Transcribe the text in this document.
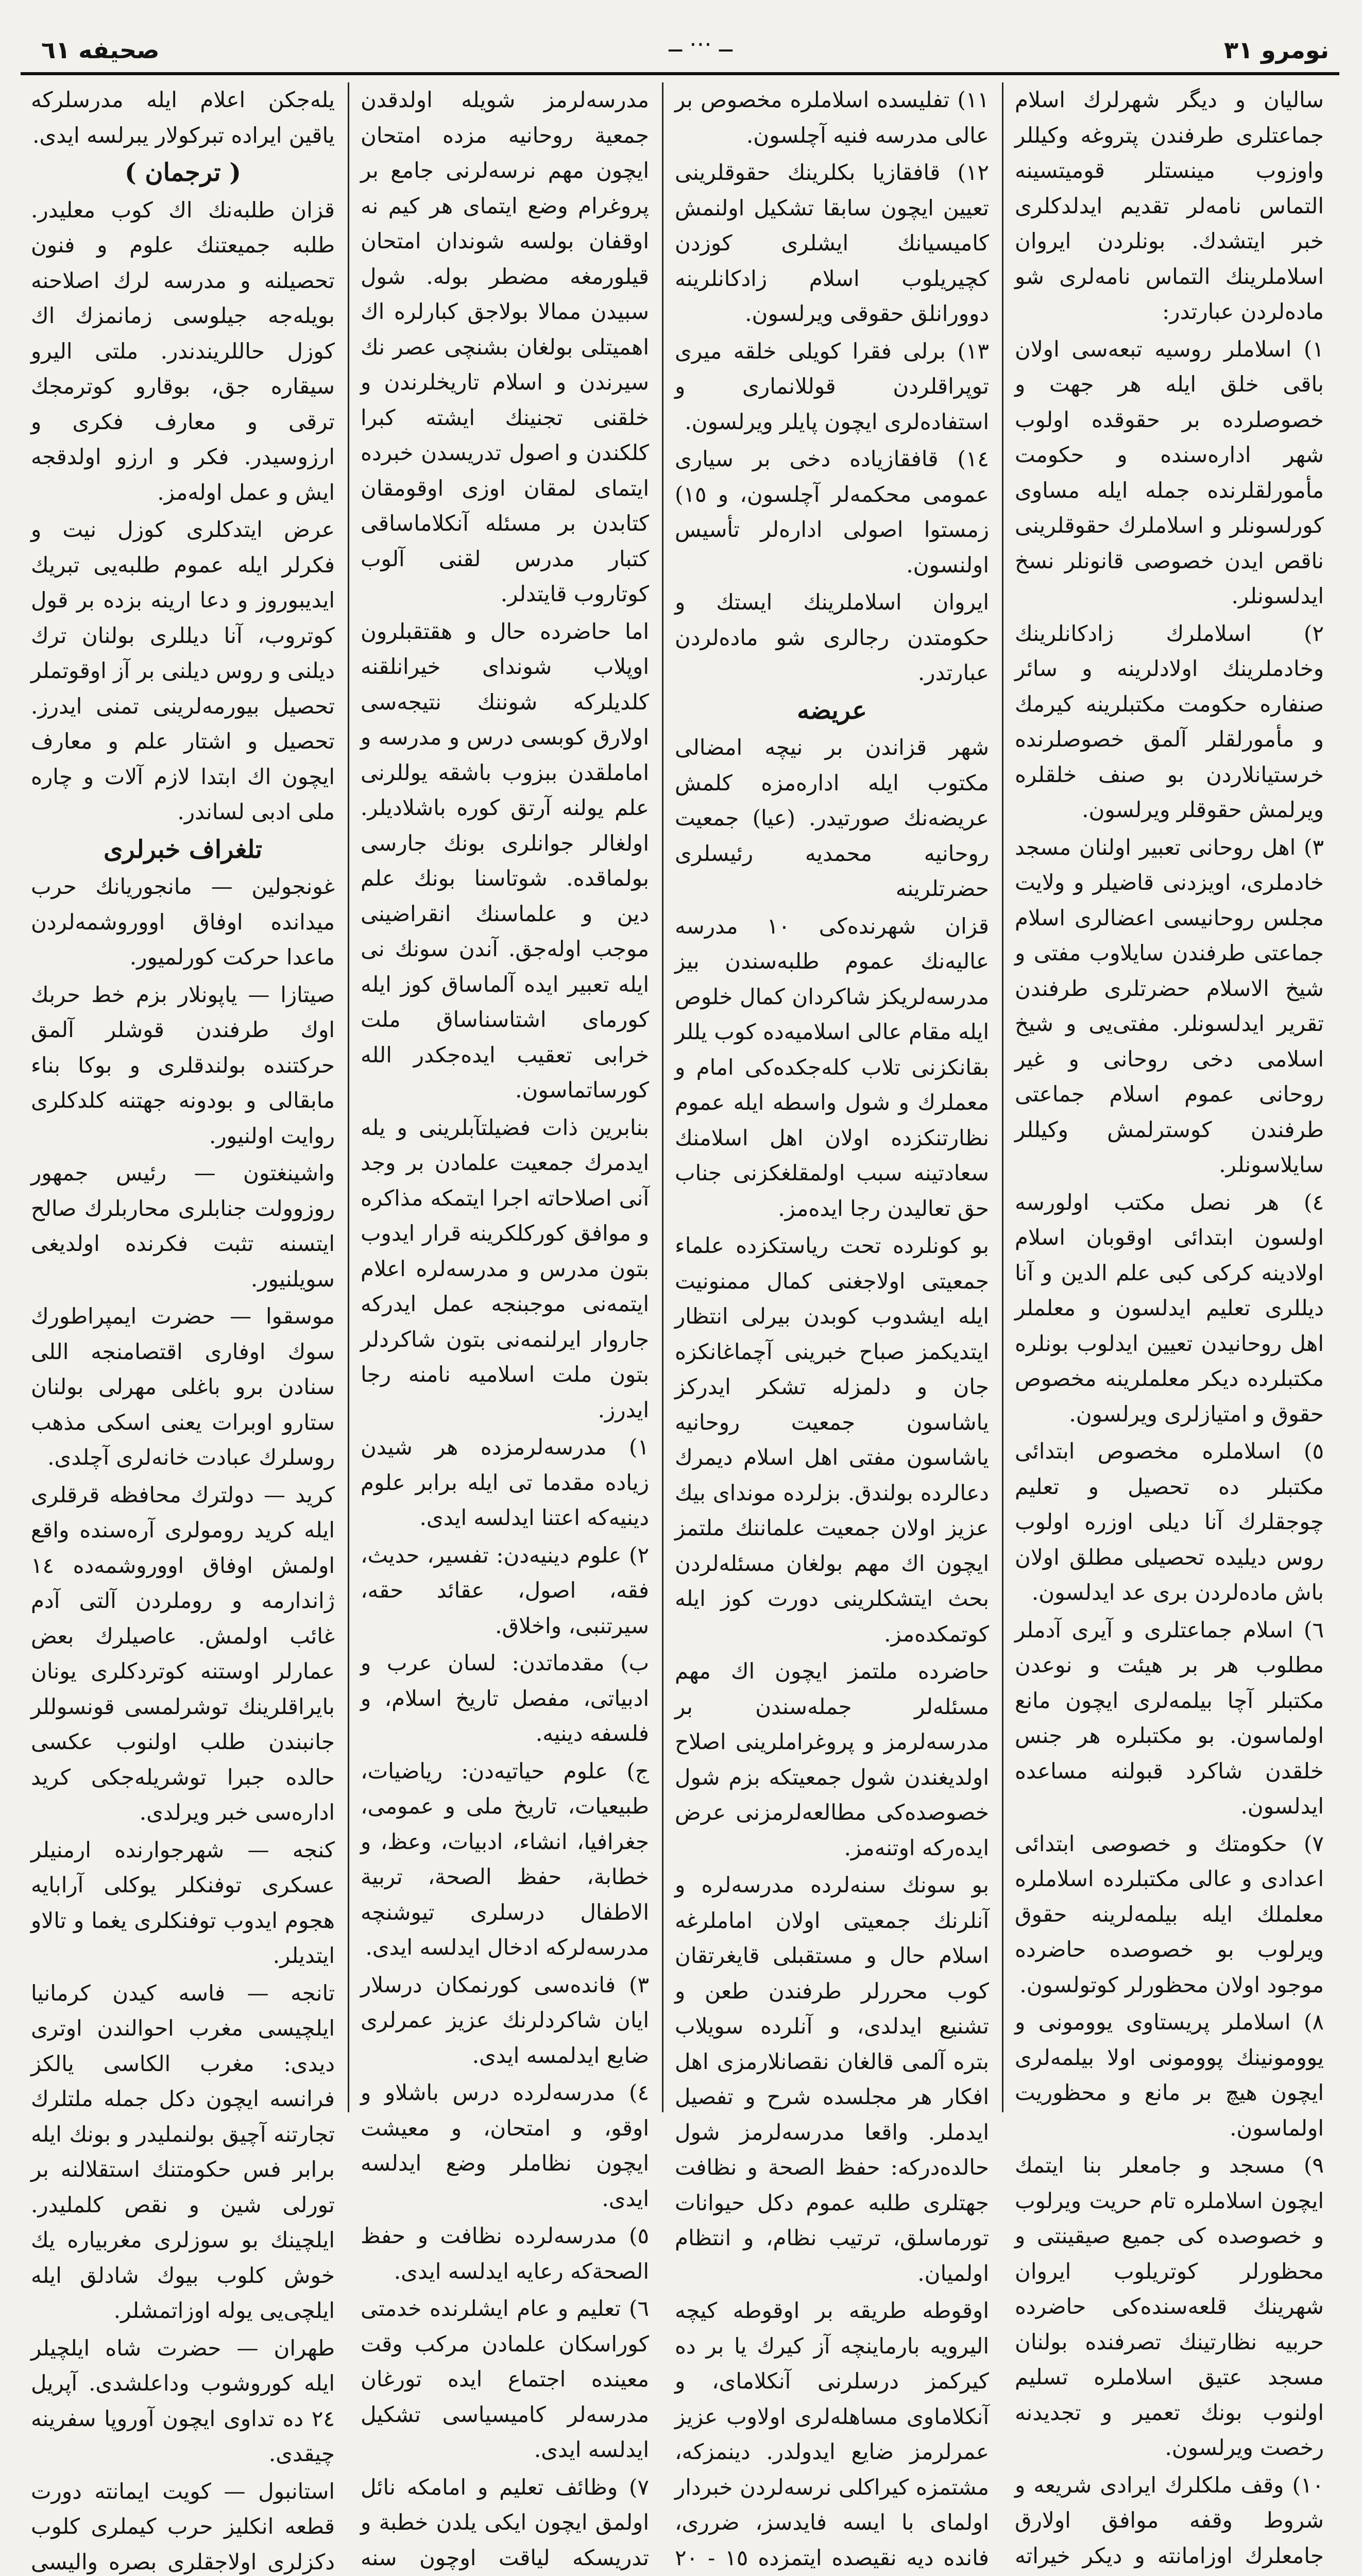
صحیفه ٦١	ــ ⋯ ــ	نومرو ٣١

سالیان و دیگر شهرلرك اسلام جماعتلری طرفندن پتروغه وکیللر واوزوب مینستلر قومیتسینه التماس نامه‌لر تقدیم ایدلدکلری خبر ایتشدك. بونلردن ایروان اسلاملرینك التماس نامه‌لری شو ماده‌لردن عبارتدر:

١) اسلاملر روسیه تبعه‌سی اولان باقی خلق ایله هر جهت و خصوصلرده بر حقوقده اولوب شهر اداره‌سنده و حکومت مأمورلقلرنده جمله ایله مساوی کورلسونلر و اسلاملرك حقوقلرینی ناقص ایدن خصوصی قانونلر نسخ ایدلسونلر.

٢) اسلاملرك زادکانلرینك وخادملرینك اولادلرینه و سائر صنفاره حکومت مکتبلرینه کیرمك و مأمورلقلر آلمق خصوصلرنده خرستیانلاردن بو صنف خلقلره ویرلمش حقوقلر ویرلسون.

٣) اهل روحانی تعبیر اولنان مسجد خادملری، اویزدنی قاضیلر و ولایت مجلس روحانیسی اعضالری اسلام جماعتی طرفندن سایلاوب مفتی و شیخ الاسلام حضرتلری طرفندن تقریر ایدلسونلر. مفتی‌یی و شیخ اسلامی دخی روحانی و غیر روحانی عموم اسلام جماعتی طرفندن کوسترلمش وکیللر سایلاسونلر.

٤) هر نصل مکتب اولورسه اولسون ابتدائی اوقوبان اسلام اولادینه کرکی کبی علم الدین و آنا دیللری تعلیم ایدلسون و معلملر اهل روحانیدن تعیین ایدلوب بونلره مکتبلرده دیکر معلملرینه مخصوص حقوق و امتیازلری ویرلسون.

٥) اسلاملره مخصوص ابتدائی مکتبلر ده تحصیل و تعلیم چوجقلرك آنا دیلی اوزره اولوب روس دیلیده تحصیلی مطلق اولان باش ماده‌لردن بری عد ایدلسون.

٦) اسلام جماعتلری و آیری آدملر مطلوب هر بر هیئت و نوعدن مکتبلر آچا بیلمه‌لری ایچون مانع اولماسون. بو مکتبلره هر جنس خلقدن شاکرد قبولنه مساعده ایدلسون.

٧) حکومتك و خصوصی ابتدائی اعدادی و عالی مکتبلرده اسلاملره معلملك ایله بیلمه‌لرینه حقوق ویرلوب بو خصوصده حاضرده موجود اولان محظورلر کوتولسون.

٨) اسلاملر پریستاوی یوومونی و یوومونینك پوومونی اولا بیلمه‌لری ایچون هیچ بر مانع و محظوریت اولماسون.

٩) مسجد و جامعلر بنا ایتمك ایچون اسلاملره تام حریت ویرلوب و خصوصده کی جمیع صیقینتی و محظورلر کوتریلوب ایروان شهرینك قلعه‌سنده‌کی حاضرده حربیه نظارتینك تصرفنده بولنان مسجد عتیق اسلاملره تسلیم اولنوب بونك تعمیر و تجدیدنه رخصت ویرلسون.

١٠) وقف ملکلرك ایرادی شریعه و شروط وقفه موافق اولارق جامعلرك اوزامانته و دیکر خیراته

١١) تفلیسده اسلاملره مخصوص بر عالی مدرسه فنیه آچلسون.

١٢) قافقازیا بکلرینك حقوقلرینی تعیین ایچون سابقا تشکیل اولنمش کامیسیانك ایشلری کوزدن کچیریلوب اسلام زادکانلرینه دوورانلق حقوقی ویرلسون.

١٣) برلی فقرا کویلی خلقه میری توپراقلردن قوللانماری و استفاده‌لری ایچون پایلر ویرلسون.

١٤) قافقازیاده دخی بر سیاری عمومی محکمه‌لر آچلسون، و ١٥) زمستوا اصولی اداره‌لر تأسیس اولنسون.

ایروان اسلاملرینك ایستك و حکومتدن رجالری شو ماده‌لردن عبارتدر.

عریضه

شهر قزاندن بر نیچه امضالی مکتوب ایله اداره‌مزه کلمش عریضه‌نك صورتیدر. (عیا) جمعیت روحانیه محمدیه رئیسلری حضرتلرینه

قزان شهرنده‌کی ١٠ مدرسه عالیه‌نك عموم طلبه‌سندن بیز مدرسه‌لریکز شاکردان کمال خلوص ایله مقام عالی اسلامیه‌ده کوب یللر بقانکزنی تلاب کله‌جکده‌کی امام و معملرك و شول واسطه ایله عموم نظارتنکزده اولان اهل اسلامنك سعادتینه سبب اولمقلغکزنی جناب حق تعالیدن رجا ایده‌مز.

بو کونلرده تحت ریاستکزده علماء جمعیتی اولاجغنی کمال ممنونیت ایله ایشدوب کوبدن بیرلی انتظار ایتدیکمز صباح خبرینی آچماغانکزه جان و دلمزله تشکر ایدرکز یاشاسون جمعیت روحانیه یاشاسون مفتی اهل اسلام دیمرك دعالرده بولندق. بزلرده موندای بیك عزیز اولان جمعیت علماننك ملتمز ایچون اك مهم بولغان مسئله‌لردن بحث ایتشکلرینی دورت کوز ایله کوتمکده‌مز.

حاضرده ملتمز ایچون اك مهم مسئله‌لر جمله‌سندن بر مدرسه‌لرمز و پروغراملرینی اصلاح اولدیغندن شول جمعیتکه بزم شول خصوصده‌کی مطالعه‌لرمزنی عرض ایده‌رکه اوتنه‌مز.

بو سونك سنه‌لرده مدرسه‌لره و آنلرنك جمعیتی اولان اماملرغه اسلام حال و مستقبلی قایغرتقان کوب محررلر طرفندن طعن و تشنیع ایدلدی، و آنلرده سویلاب بتره آلمی قالغان نقصانلارمزی اهل افکار هر مجلسده شرح و تفصیل ایدملر. واقعا مدرسه‌لرمز شول حالده‌درکه: حفظ الصحة و نظافت جهتلری طلبه عموم دکل حیوانات تورماسلق، ترتیب نظام، و انتظام اولمیان.

اوقوطه طریقه بر اوقوطه کیچه الیرویه بارماینچه آز کیرك یا بر ده کیرکمز درسلرنی آنکلامای، و آنکلاماوی مساهله‌لری اولاوب عزیز عمرلرمز ضایع ایدولدر. دینمزکه، مشتمزه کیراکلی نرسه‌لردن خبردار اولمای با ایسه فایدسز، ضرری، فانده دیه نقیصده ایتمزده ١٥ - ٢٠

مدرسه‌لرمز شویله اولدقدن جمعیة روحانیه مزده امتحان ایچون مهم نرسه‌لرنی جامع بر پروغرام وضع ایتمای هر کیم نه اوقفان بولسه شوندان امتحان قیلورمغه مضطر بوله. شول سبیدن ممالا بولاجق کبارلره اك اهمیتلی بولغان بشنچی عصر نك سیرندن و اسلام تاریخلرندن و خلقنی تجنینك ایشته کبرا کلکندن و اصول تدریسدن خبرده ایتمای لمقان اوزی اوقومقان کتابدن بر مسئله آنکلاماساقی کتبار مدرس لقنی آلوب کوتاروب قایتدلر.

اما حاضرده حال و هقتقبلرون اوپلاب شوندای خیرانلقنه کلدیلرکه شوننك نتیجه‌سی اولارق کوبسی درس و مدرسه و اماملقدن ببزوب باشقه یوللرنی علم یولنه آرتق کوره باشلادیلر. اولغالر جوانلری بونك جارسی بولماقده. شوتاسنا بونك علم دین و علماسنك انقراضینی موجب اوله‌جق. آندن سونك نی ایله تعبیر ایده آلماساق کوز ایله کورمای اشتاسناساق ملت خرابی تعقیب ایده‌جکدر الله کورساتماسون.

بنابرین ذات فضیلتآبلرینی و یله ایدمرك جمعیت علمادن بر وجد آنی اصلاحاته اجرا ایتمکه مذاکره و موافق کورکلکرینه قرار ایدوب بتون مدرس و مدرسه‌لره اعلام ایتمه‌نی موجبنجه عمل ایدرکه جاروار ایرلنمه‌نی بتون شاکردلر بتون ملت اسلامیه نامنه رجا ایدرز.

١) مدرسه‌لرمزده هر شیدن زیاده مقدما تی ایله برابر علوم دینیه‌که اعتنا ایدلسه ایدی.

٢) علوم دینیه‌دن: تفسیر، حدیث، فقه، اصول، عقائد حقه، سیرتنبی، واخلاق.

ب) مقدماتدن: لسان عرب و ادبیاتی، مفصل تاریخ اسلام، و فلسفه دینیه.

ج) علوم حیاتیه‌دن: ریاضیات، طبیعیات، تاریخ ملی و عمومی، جغرافیا، انشاء، ادبیات، وعظ، و خطابة، حفظ الصحة، تربیة الاطفال درسلری تیوشنچه مدرسه‌لرکه ادخال ایدلسه ایدی.

٣) فانده‌سی کورنمکان درسلار ایان شاکردلرنك عزیز عمرلری ضایع ایدلمسه ایدی.

٤) مدرسه‌لرده درس باشلاو و اوقو، و امتحان، و معیشت ایچون نظاملر وضع ایدلسه ایدی.

٥) مدرسه‌لرده نظافت و حفظ الصحة‌که رعایه ایدلسه ایدی.

٦) تعلیم و عام ایشلرنده خدمتی کوراسکان علمادن مرکب وقت معینده اجتماع ایده تورغان مدرسه‌لر کامیسیاسی تشکیل ایدلسه ایدی.

٧) وظائف تعلیم و امامکه نائل اولمق ایچون ایکی یلدن خطبة و تدریسکه لیاقت اوچون سنه

یله‌جکن اعلام ایله مدرسلرکه یاقین ایراده تبرکولار یبرلسه ایدی.

( ترجمان )

قزان طلبه‌نك اك کوب معلیدر. طلبه جمیعتنك علوم و فنون تحصیلنه و مدرسه لرك اصلاحنه بویله‌جه جیلوسی زمانمزك اك کوزل حاللریندندر. ملتی الیرو سیقاره جق، بوقارو کوترمجك ترقی و معارف فکری و ارزوسیدر. فکر و ارزو اولدقجه ایش و عمل اوله‌مز.

عرض ایتدکلری کوزل نیت و فکرلر ایله عموم طلبه‌یی تبریك ایدیبوروز و دعا ارینه بزده بر قول کوتروب، آنا دیللری بولنان ترك دیلنی و روس دیلنی بر آز اوقوتملر تحصیل بیورمه‌لرینی تمنی ایدرز. تحصیل و اشتار علم و معارف ایچون اك ابتدا لازم آلات و چاره ملی ادبی لساندر.

تلغراف خبرلری

غونجولین — مانجوریانك حرب میدانده اوفاق اووروشمه‌لردن ماعدا حرکت کورلمیور.

صیتازا — یاپونلار بزم خط حربك اوك طرفندن قوشلر آلمق حرکتنده بولندقلری و بوکا بناء مابقالی و بودونه جهتنه کلدکلری روایت اولنیور.

واشینغتون — رئیس جمهور روزوولت جنابلری محاربلرك صالح ایتسنه تثبت فکرنده اولدیغی سویلنیور.

موسقوا — حضرت ایمپراطورك سوك اوفاری اقتصامنجه اللی سنادن برو باغلی مهرلی بولنان ستارو اوبرات یعنی اسکی مذهب روسلرك عبادت خانه‌لری آچلدی.

کرید — دولترك محافظه قرقلری ایله کرید رومولری آره‌سنده واقع اولمش اوفاق اووروشمه‌ده ١٤ ژاندارمه و روملردن آلتی آدم غائب اولمش. عاصیلرك بعض عمارلر اوستنه کوتردکلری یونان بایراقلرینك توشرلمسی قونسوللر جانبندن طلب اولنوب عکسی حالده جبرا توشریله‌جکی کرید اداره‌سی خبر ویرلدی.

کنجه — شهرجوارنده ارمنیلر عسکری توفنکلر یوکلی آرابایه هجوم ایدوب توفنکلری یغما و تالاو ایتدیلر.

تانجه — فاسه کیدن کرمانیا ایلچیسی مغرب احوالندن اوتری دیدی: مغرب الکاسی یالکز فرانسه ایچون دکل جمله ملتلرك تجارتنه آچیق بولنملیدر و بونك ایله برابر فس حکومتنك استقلالنه بر تورلی شین و نقص کلملیدر. ایلچینك بو سوزلری مغربیاره یك خوش کلوب بیوك شادلق ایله ایلچی‌یی یوله اوزاتمشلر.

طهران — حضرت شاه ایلچیلر ایله کوروشوب وداعلشدی. آپریل ٢٤ ده تداوی ایچون آوروپا سفرینه چیقدی.

استانبول — کویت ایمانته دورت قطعه انکلیز حرب کیملری کلوب دکزلری اولاجقلری بصره والیسی
